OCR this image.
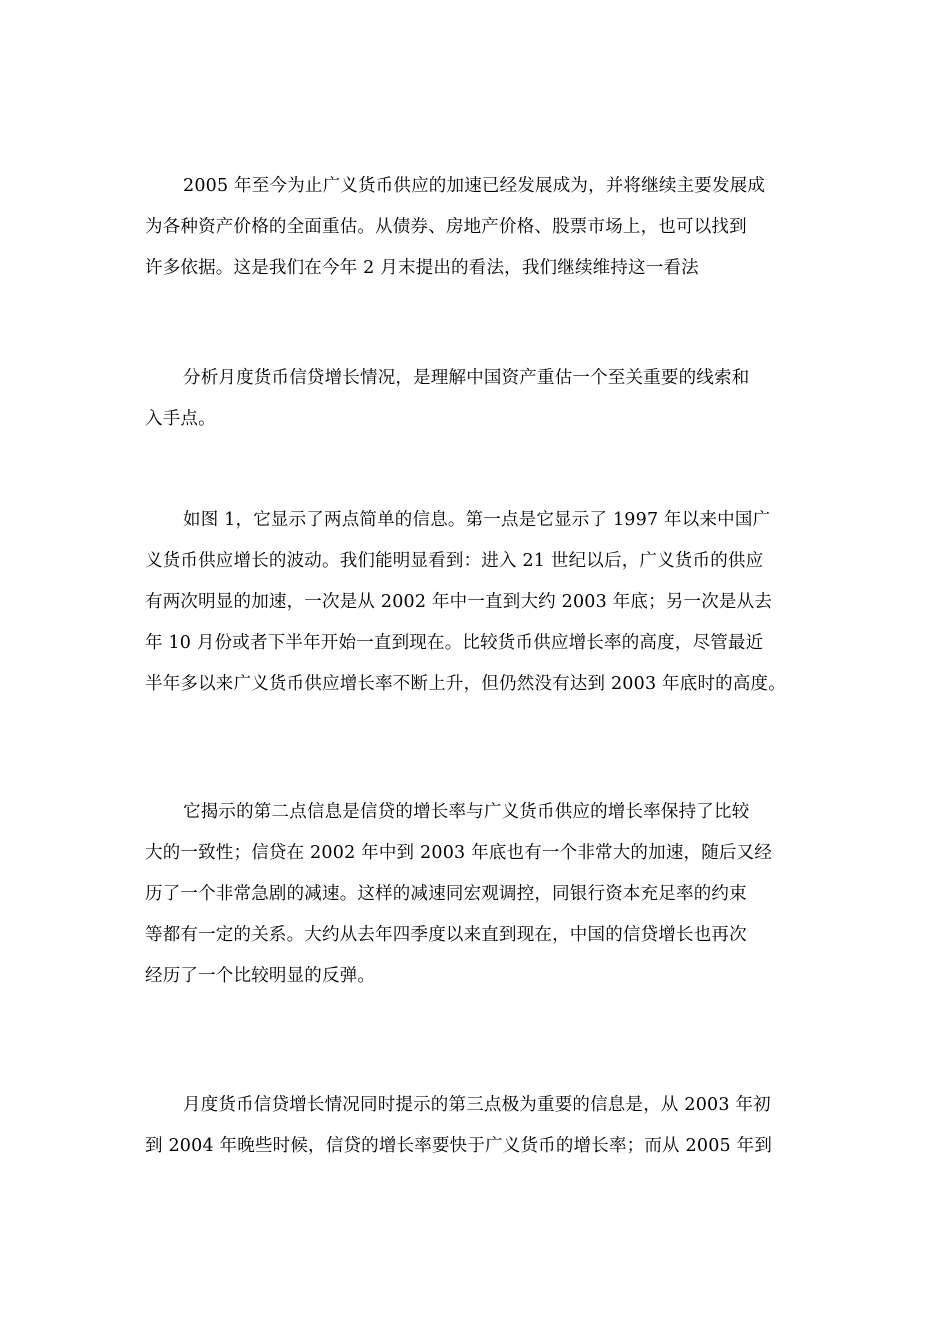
2005 年至今为止广义货币供应的加速已经发展成为，并将继续主要发展成
为各种资产价格的全面重估。从债券、房地产价格、股票市场上，也可以找到
许多依据。这是我们在今年 2 月末提出的看法，我们继续维持这一看法
分析月度货币信贷增长情况，是理解中国资产重估一个至关重要的线索和
入手点。
如图 1，它显示了两点简单的信息。第一点是它显示了 1997 年以来中国广
义货币供应增长的波动。我们能明显看到：进入 21 世纪以后，广义货币的供应
有两次明显的加速，一次是从 2002 年中一直到大约 2003 年底；另一次是从去
年 10 月份或者下半年开始一直到现在。比较货币供应增长率的高度，尽管最近
半年多以来广义货币供应增长率不断上升，但仍然没有达到 2003 年底时的高度。
它揭示的第二点信息是信贷的增长率与广义货币供应的增长率保持了比较
大的一致性；信贷在 2002 年中到 2003 年底也有一个非常大的加速，随后又经
历了一个非常急剧的减速。这样的减速同宏观调控，同银行资本充足率的约束
等都有一定的关系。大约从去年四季度以来直到现在，中国的信贷增长也再次
经历了一个比较明显的反弹。
月度货币信贷增长情况同时提示的第三点极为重要的信息是，从 2003 年初
到 2004 年晚些时候，信贷的增长率要快于广义货币的增长率；而从 2005 年到
